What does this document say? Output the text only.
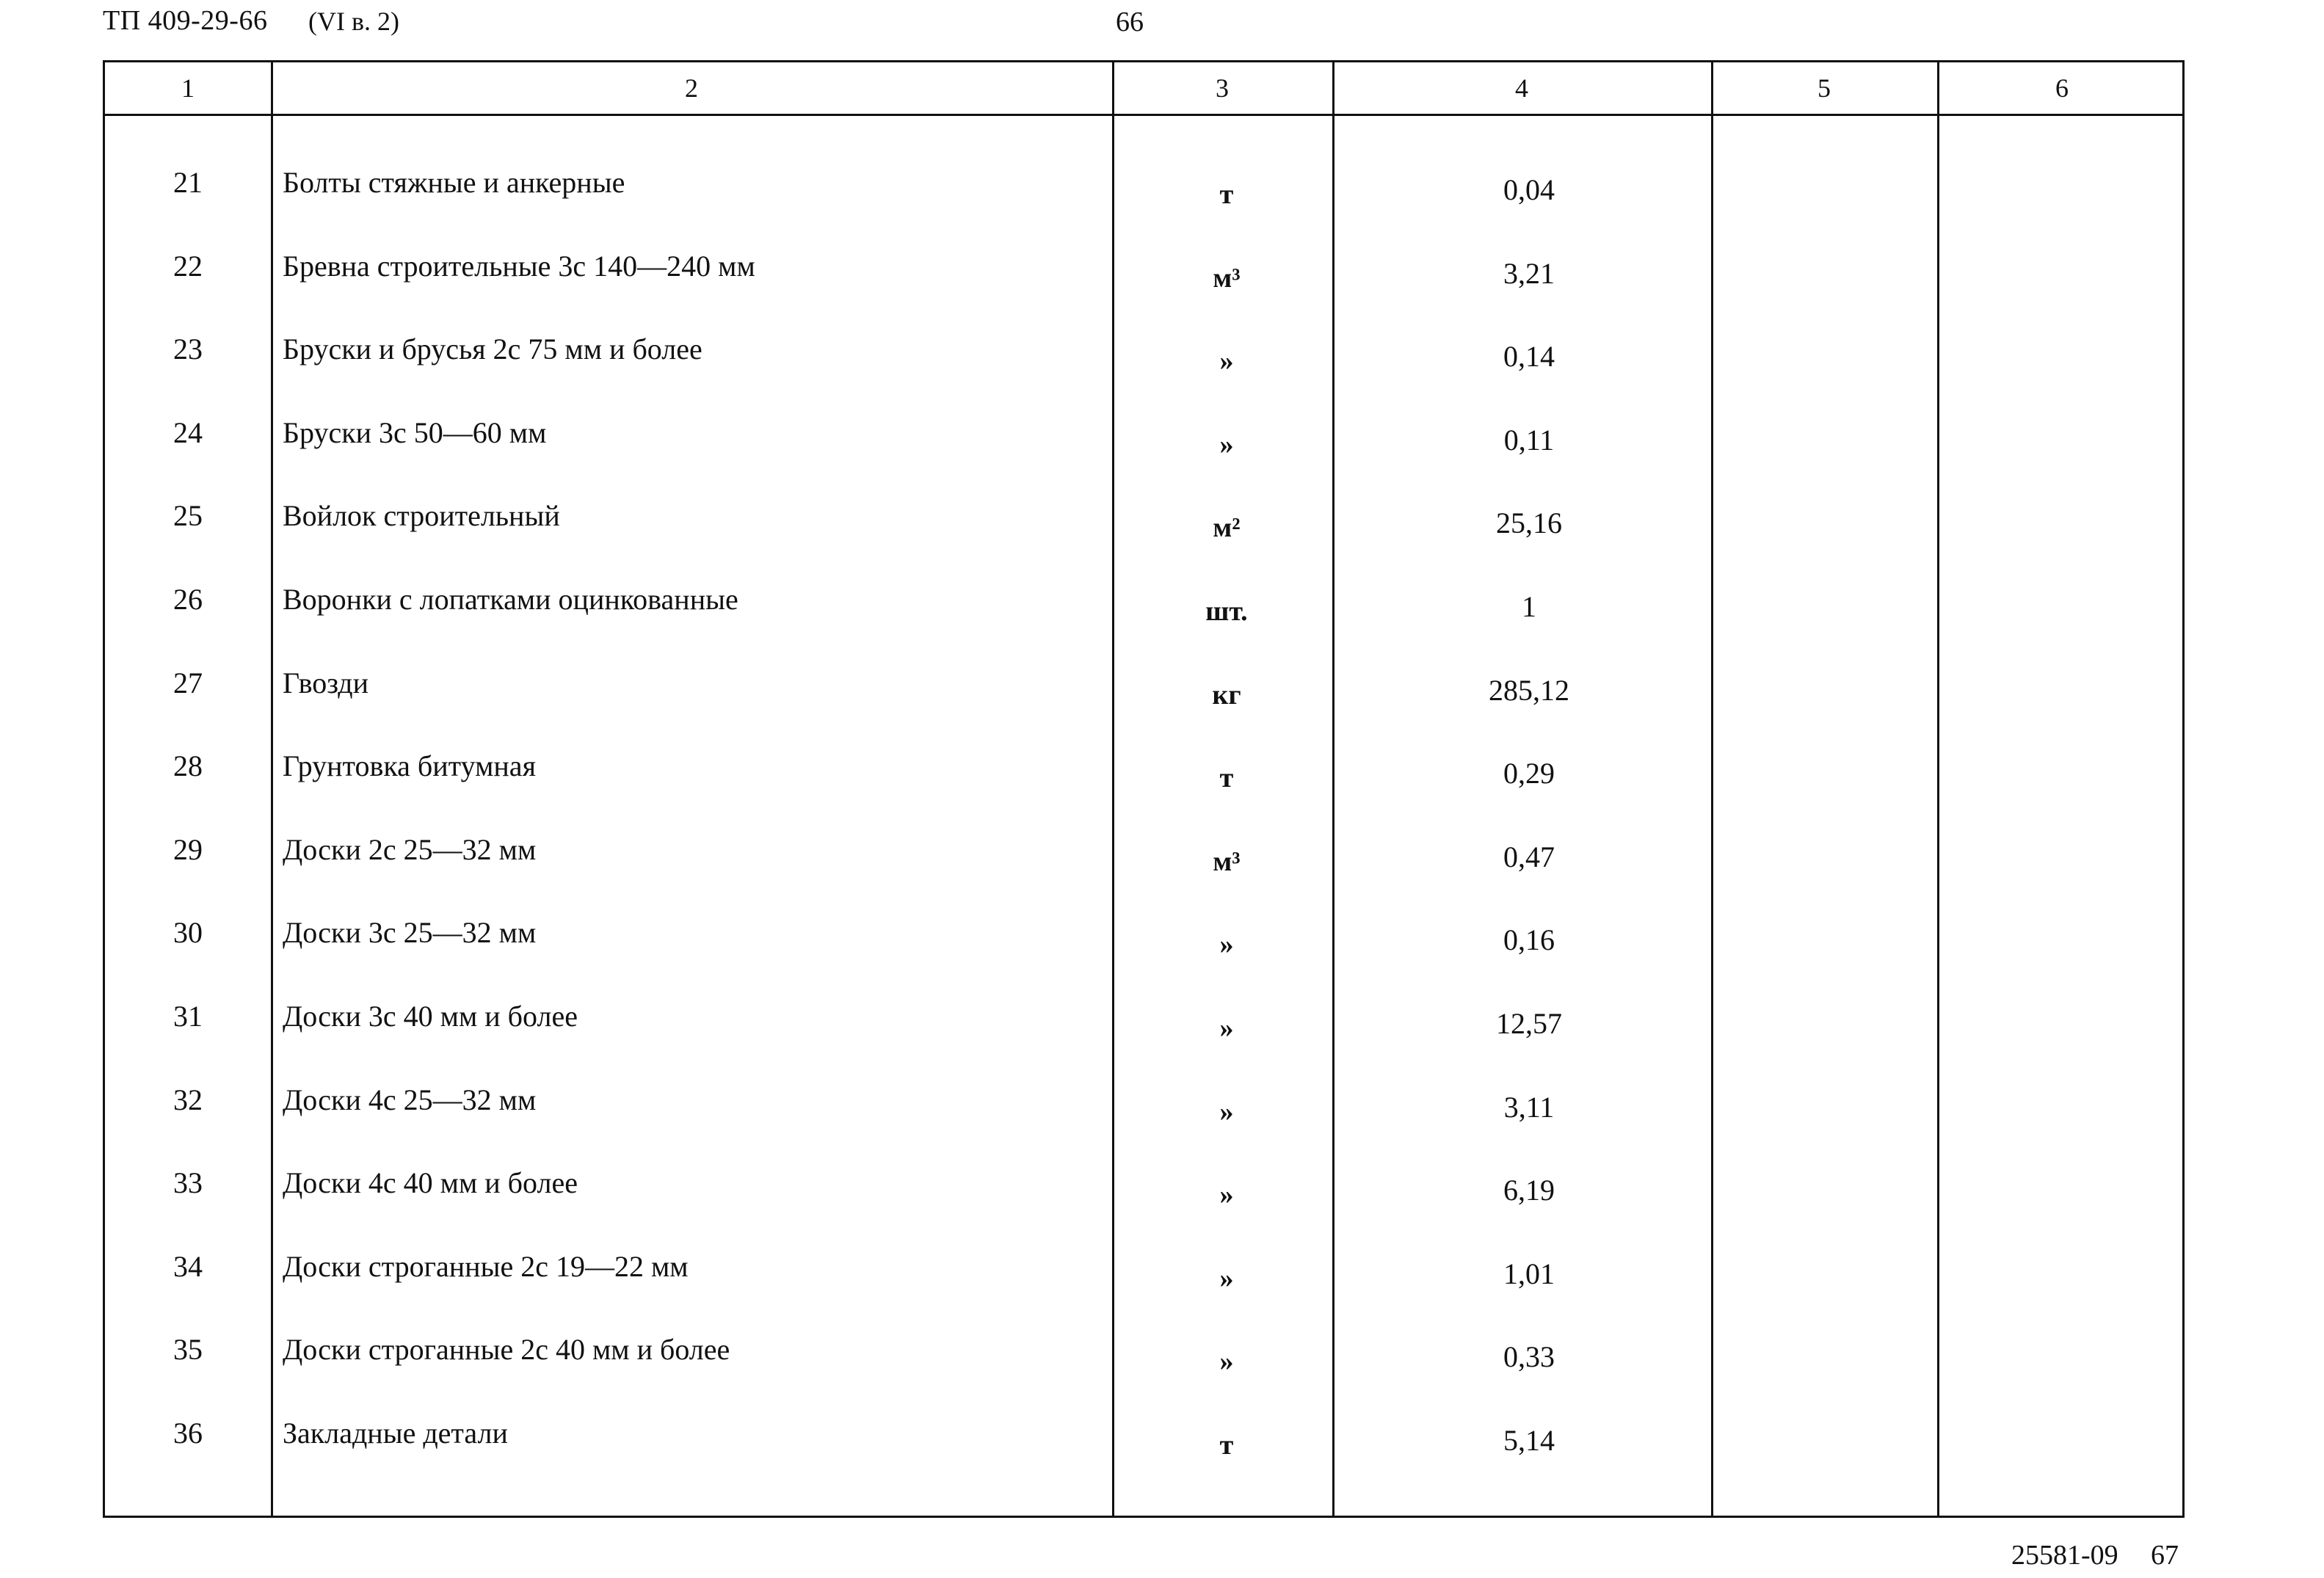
ТП 409-29-66 (VI в. 2)	66
1	2	3	4	5	6
21	Болты стяжные и анкерные	т	0,04
22	Бревна строительные 3с 140—240 мм	м³	3,21
23	Бруски и брусья 2с 75 мм и более	»	0,14
24	Бруски 3с 50—60 мм	»	0,11
25	Войлок строительный	м²	25,16
26	Воронки с лопатками оцинкованные	шт.	1
27	Гвозди	кг	285,12
28	Грунтовка битумная	т	0,29
29	Доски 2с 25—32 мм	м³	0,47
30	Доски 3с 25—32 мм	»	0,16
31	Доски 3с 40 мм и более	»	12,57
32	Доски 4с 25—32 мм	»	3,11
33	Доски 4с 40 мм и более	»	6,19
34	Доски строганные 2с 19—22 мм	»	1,01
35	Доски строганные 2с 40 мм и более	»	0,33
36	Закладные детали	т	5,14
25581-09 67
